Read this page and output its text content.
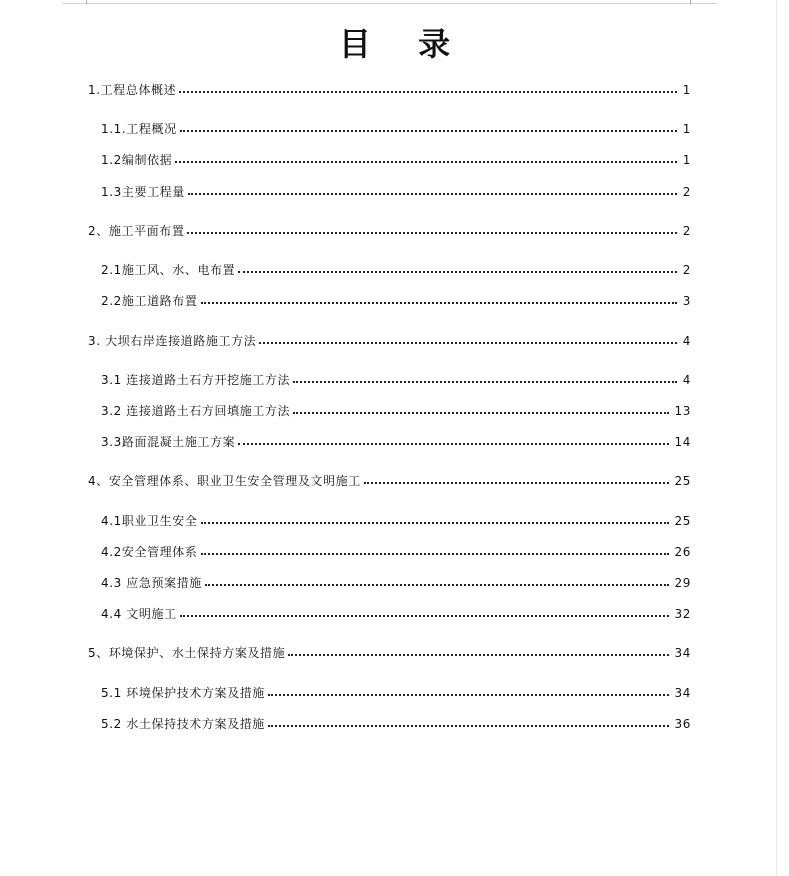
目 录
1.工程总体概述	1
1.1.工程概况	1
1.2编制依据	1
1.3主要工程量	2
2、施工平面布置	2
2.1施工风、水、电布置	2
2.2施工道路布置	3
3. 大坝右岸连接道路施工方法	4
3.1 连接道路土石方开挖施工方法	4
3.2 连接道路土石方回填施工方法	13
3.3路面混凝土施工方案	14
4、安全管理体系、职业卫生安全管理及文明施工	25
4.1职业卫生安全	25
4.2安全管理体系	26
4.3 应急预案措施	29
4.4 文明施工	32
5、环境保护、水土保持方案及措施	34
5.1 环境保护技术方案及措施	34
5.2 水土保持技术方案及措施	36
